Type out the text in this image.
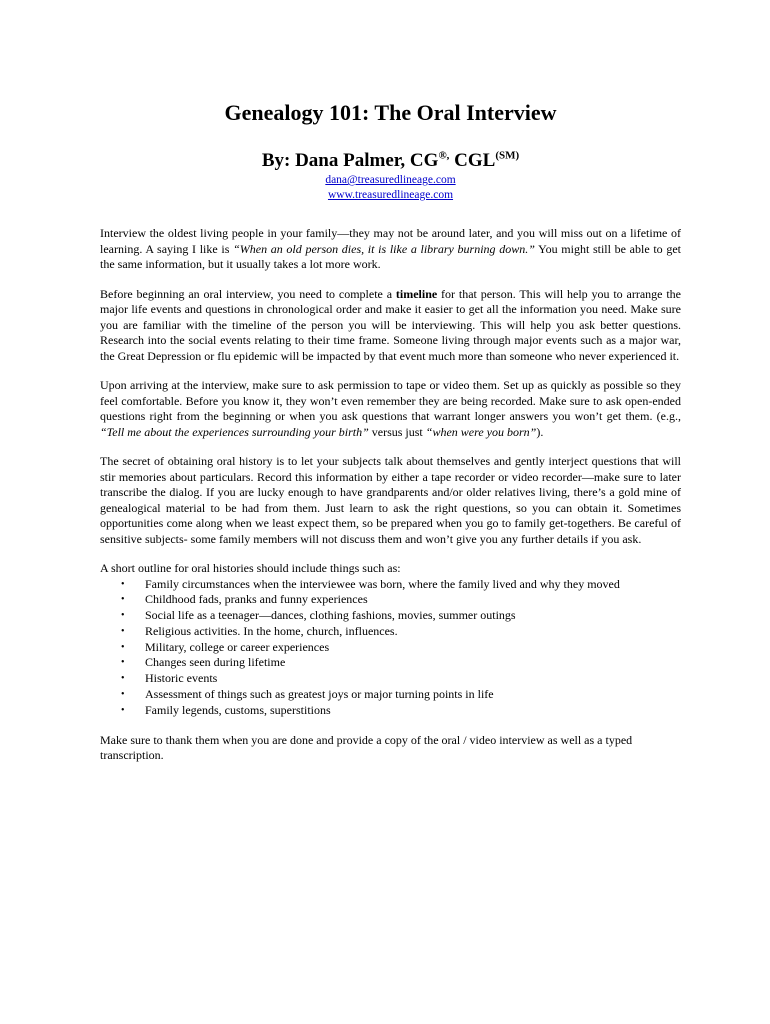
Genealogy 101: The Oral Interview

By: Dana Palmer, CG®, $CGL^{(SM)}$

dana@treasuredlineage.com
www.treasuredlineage.com

Interview the oldest living people in your family—they may not be around later, and you will miss out on a lifetime of learning. A saying I like is “When an old person dies, it is like a library burning down.” You might still be able to get the same information, but it usually takes a lot more work.

Before beginning an oral interview, you need to complete a timeline for that person. This will help you to arrange the major life events and questions in chronological order and make it easier to get all the information you need. Make sure you are familiar with the timeline of the person you will be interviewing. This will help you ask better questions. Research into the social events relating to their time frame. Someone living through major events such as a major war, the Great Depression or flu epidemic will be impacted by that event much more than someone who never experienced it.

Upon arriving at the interview, make sure to ask permission to tape or video them. Set up as quickly as possible so they feel comfortable. Before you know it, they won’t even remember they are being recorded. Make sure to ask open-ended questions right from the beginning or when you ask questions that warrant longer answers you won’t get them. (e.g., “Tell me about the experiences surrounding your birth” versus just “when were you born”).

The secret of obtaining oral history is to let your subjects talk about themselves and gently interject questions that will stir memories about particulars. Record this information by either a tape recorder or video recorder—make sure to later transcribe the dialog. If you are lucky enough to have grandparents and/or older relatives living, there’s a gold mine of genealogical material to be had from them. Just learn to ask the right questions, so you can obtain it. Sometimes opportunities come along when we least expect them, so be prepared when you go to family get-togethers. Be careful of sensitive subjects- some family members will not discuss them and won’t give you any further details if you ask.

A short outline for oral histories should include things such as:

• Family circumstances when the interviewee was born, where the family lived and why they moved
• Childhood fads, pranks and funny experiences
• Social life as a teenager—dances, clothing fashions, movies, summer outings
• Religious activities. In the home, church, influences.
• Military, college or career experiences
• Changes seen during lifetime
• Historic events
• Assessment of things such as greatest joys or major turning points in life
• Family legends, customs, superstitions

Make sure to thank them when you are done and provide a copy of the oral / video interview as well as a typed transcription.
